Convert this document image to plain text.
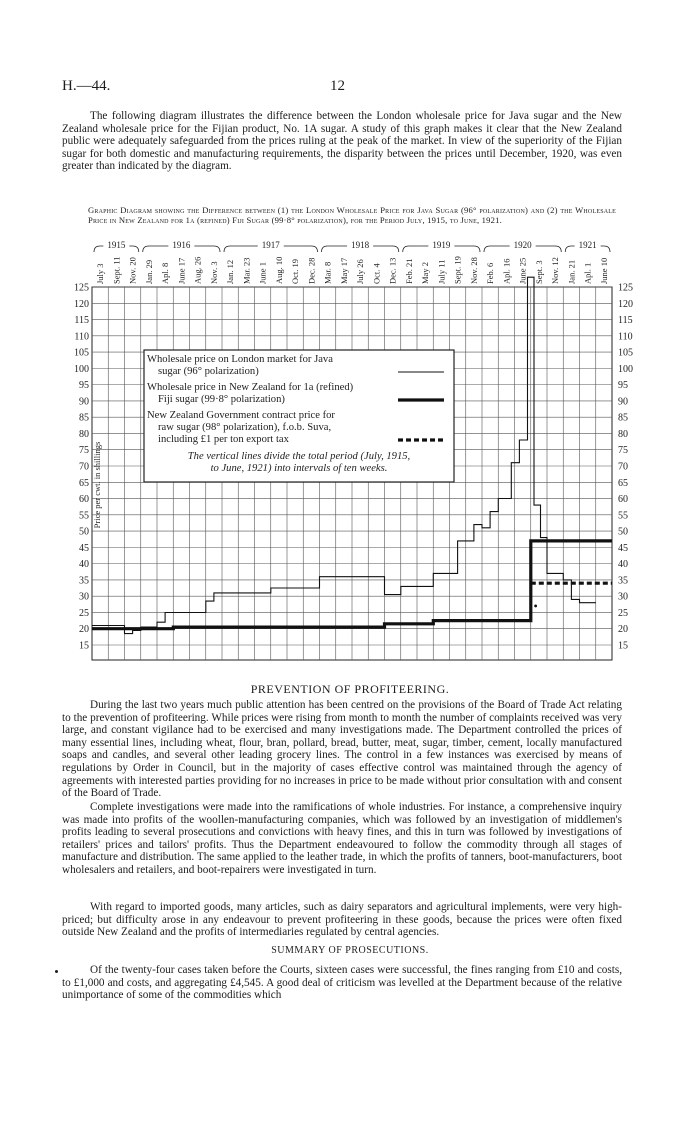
H.—44.	12
The following diagram illustrates the difference between the London wholesale price for Java sugar and the New Zealand wholesale price for the Fijian product, No. 1A sugar. A study of this graph makes it clear that the New Zealand public were adequately safeguarded from the prices ruling at the peak of the market. In view of the superiority of the Fijian sugar for both domestic and manufacturing requirements, the disparity between the prices until December, 1920, was even greater than indicated by the diagram.
Graphic Diagram showing the Difference between (1) the London Wholesale Price for Java Sugar (96° polarization) and (2) the Wholesale Price in New Zealand for 1a (refined) Fiji Sugar (99·8° polarization), for the Period July, 1915, to June, 1921.
125	125
120	120
115	115
110	110
105	105
100	100
95	95
90	90
85	85
80	80
75	75
70	70
65	65
60	60
55	55
50	50
45	45
40	40
35	35
30	30
25	25
20	20
15	15
July 3 Sept. 11 Nov. 20 Jan. 29 Apl. 8 June 17 Aug. 26 Nov. 3 Jan. 12 Mar. 23 June 1 Aug. 10 Oct. 19 Dec. 28 Mar. 8 May 17 July 26 Oct. 4 Dec. 13 Feb. 21 May 2 July 11 Sept. 19 Nov. 28 Feb. 6 Apl. 16 June 25 Sept. 3 Nov. 12 Jan. 21 Apl. 1 June 10
1915	1916	1917	1918	1919	1920	1921
Price per cwt. in shillings
Wholesale price on London market for Java
sugar (96° polarization)
Wholesale price in New Zealand for 1a (refined)
Fiji sugar (99·8° polarization)
New Zealand Government contract price for
raw sugar (98° polarization), f.o.b. Suva,
including £1 per ton export tax
The vertical lines divide the total period (July, 1915,
to June, 1921) into intervals of ten weeks.
PREVENTION OF PROFITEERING.
During the last two years much public attention has been centred on the provisions of the Board of Trade Act relating to the prevention of profiteering. While prices were rising from month to month the number of complaints received was very large, and constant vigilance had to be exercised and many investigations made. The Department controlled the prices of many essential lines, including wheat, flour, bran, pollard, bread, butter, meat, sugar, timber, cement, locally manufactured soaps and candles, and several other leading grocery lines. The control in a few instances was exercised by means of regulations by Order in Council, but in the majority of cases effective control was maintained through the agency of agreements with interested parties providing for no increases in price to be made without prior consultation with and consent of the Board of Trade.
Complete investigations were made into the ramifications of whole industries. For instance, a comprehensive inquiry was made into profits of the woollen-manufacturing companies, which was followed by an investigation of middlemen's profits leading to several prosecutions and convictions with heavy fines, and this in turn was followed by investigations of retailers' prices and tailors' profits. Thus the Department endeavoured to follow the commodity through all stages of manufacture and distribution. The same applied to the leather trade, in which the profits of tanners, boot-manufacturers, boot wholesalers and retailers, and boot-repairers were investigated in turn.
With regard to imported goods, many articles, such as dairy separators and agricultural implements, were very high-priced; but difficulty arose in any endeavour to prevent profiteering in these goods, because the prices were often fixed outside New Zealand and the profits of intermediaries regulated by central agencies.
SUMMARY OF PROSECUTIONS.
Of the twenty-four cases taken before the Courts, sixteen cases were successful, the fines ranging from £10 and costs, to £1,000 and costs, and aggregating £4,545. A good deal of criticism was levelled at the Department because of the relative unimportance of some of the commodities which
